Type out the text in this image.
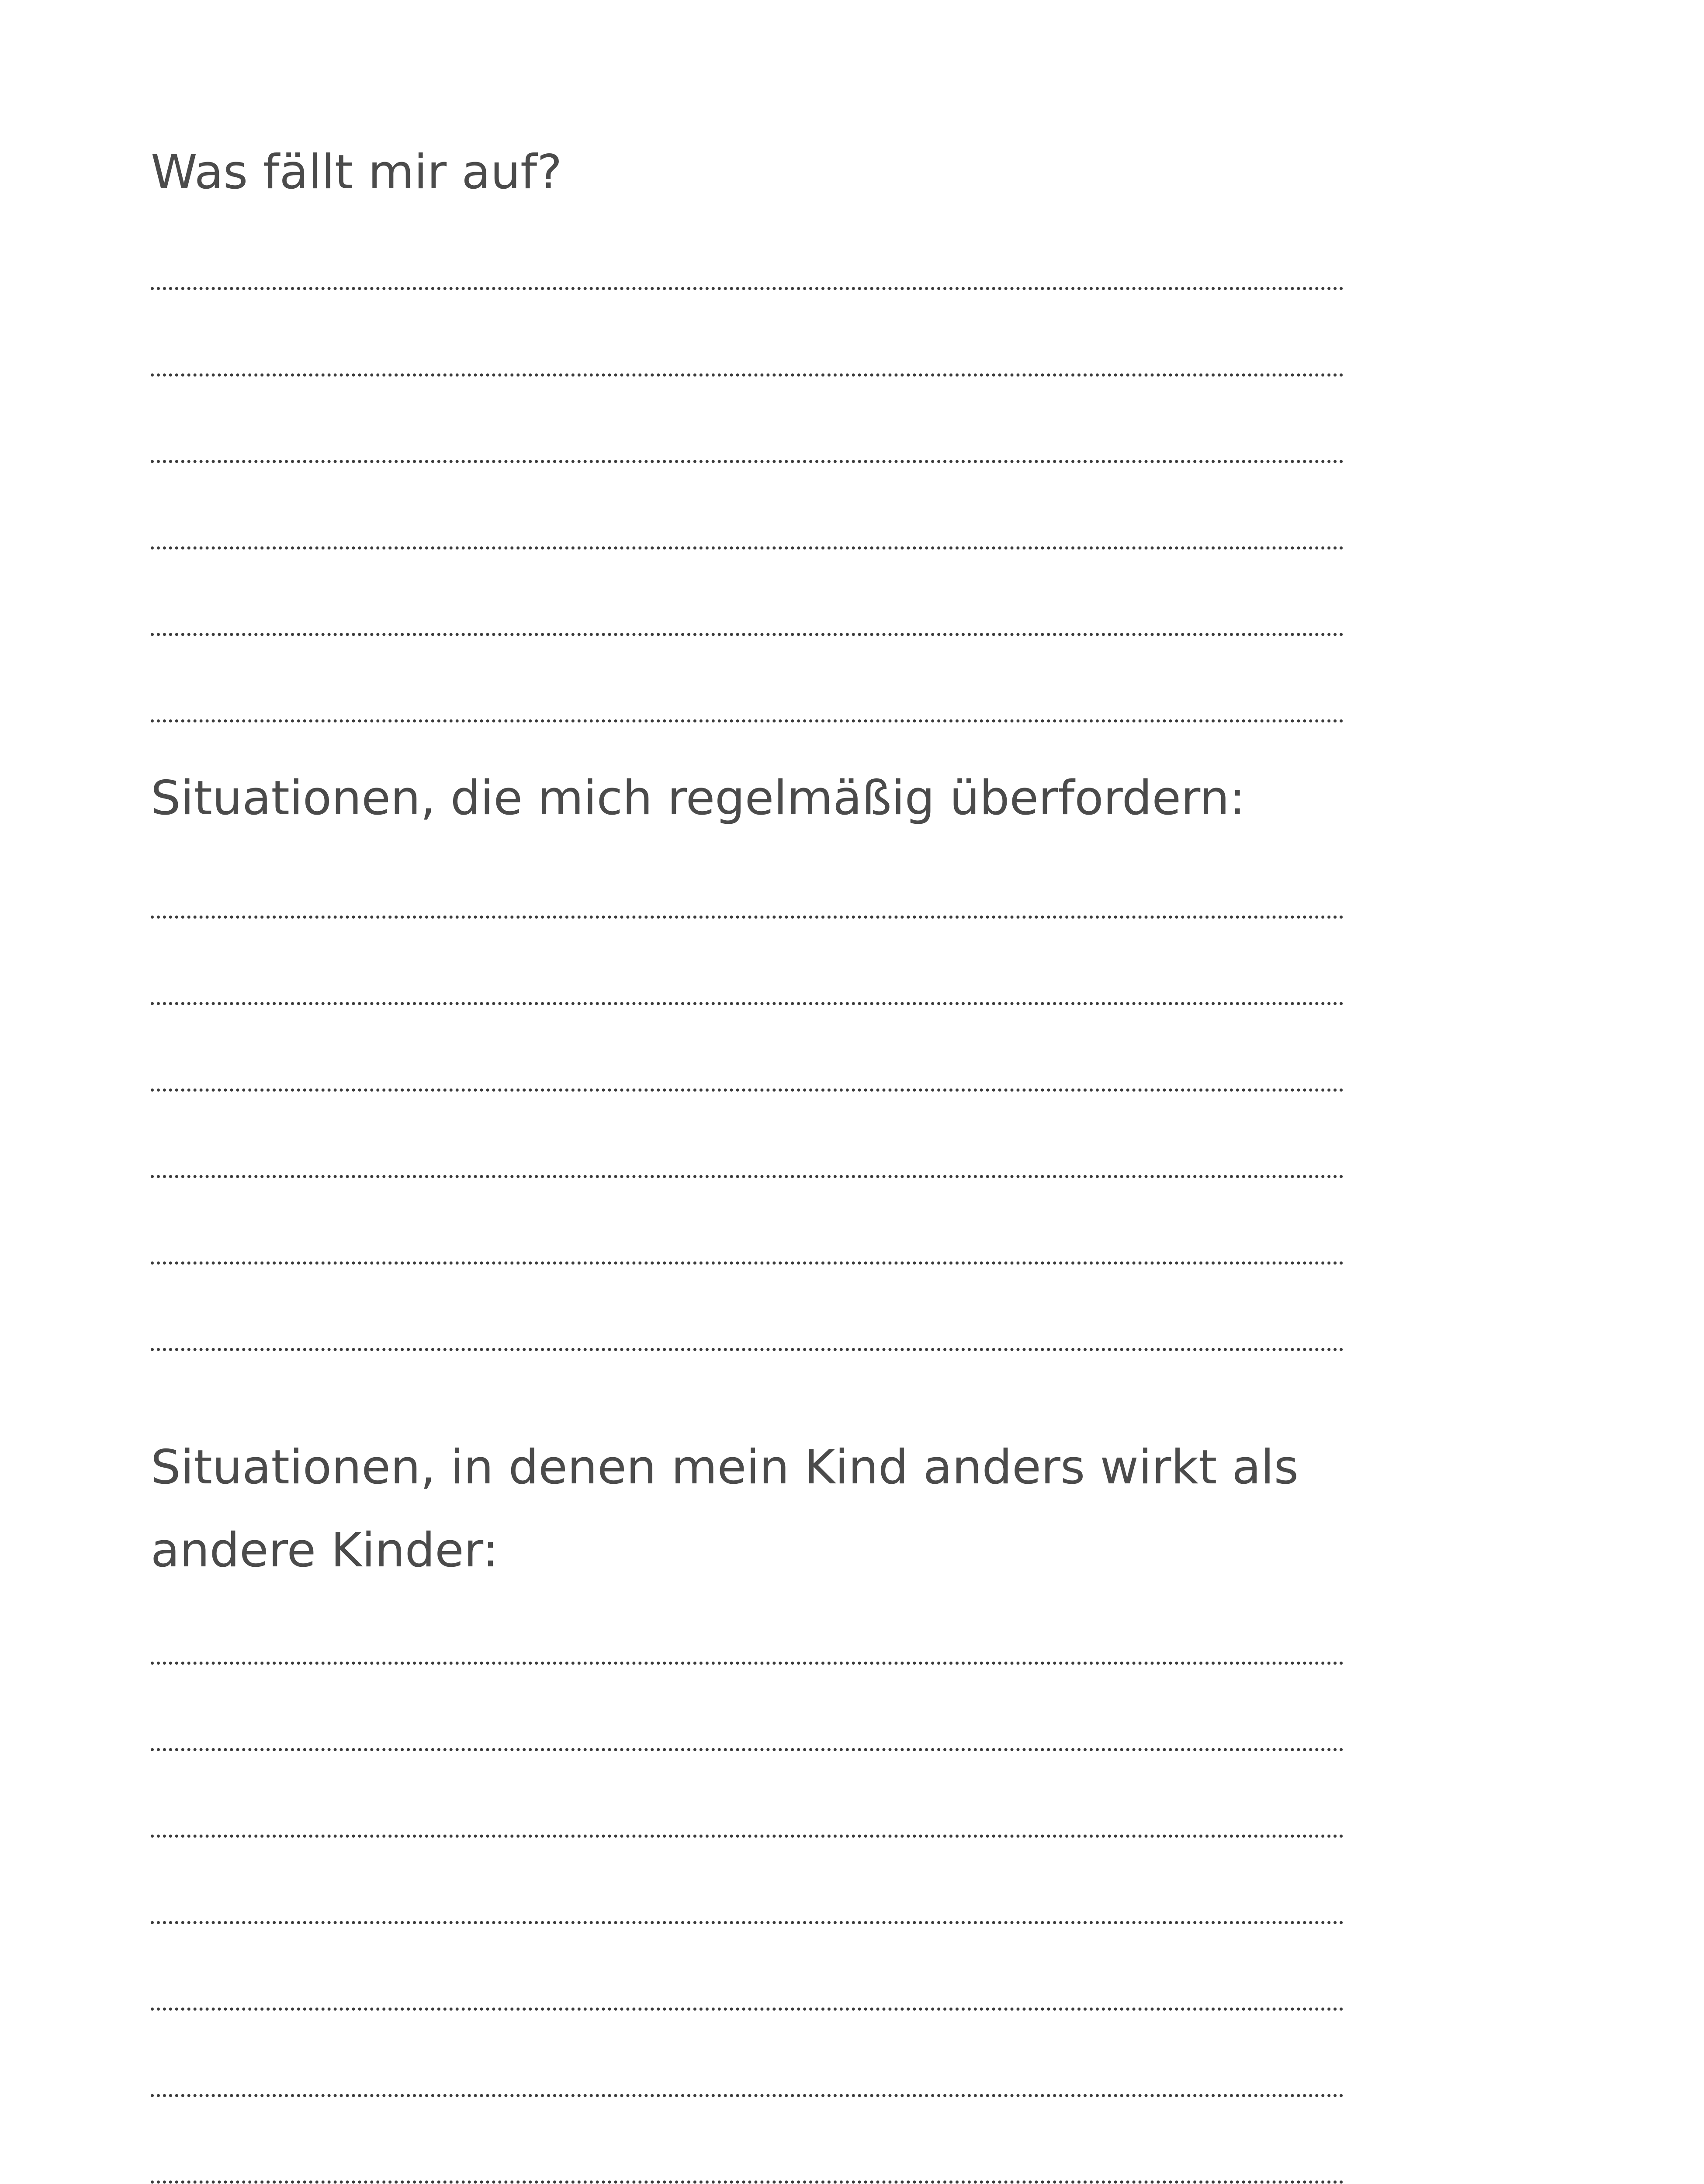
Was fällt mir auf?
Situationen, die mich regelmäßig überfordern:
Situationen, in denen mein Kind anders wirkt als andere Kinder:
